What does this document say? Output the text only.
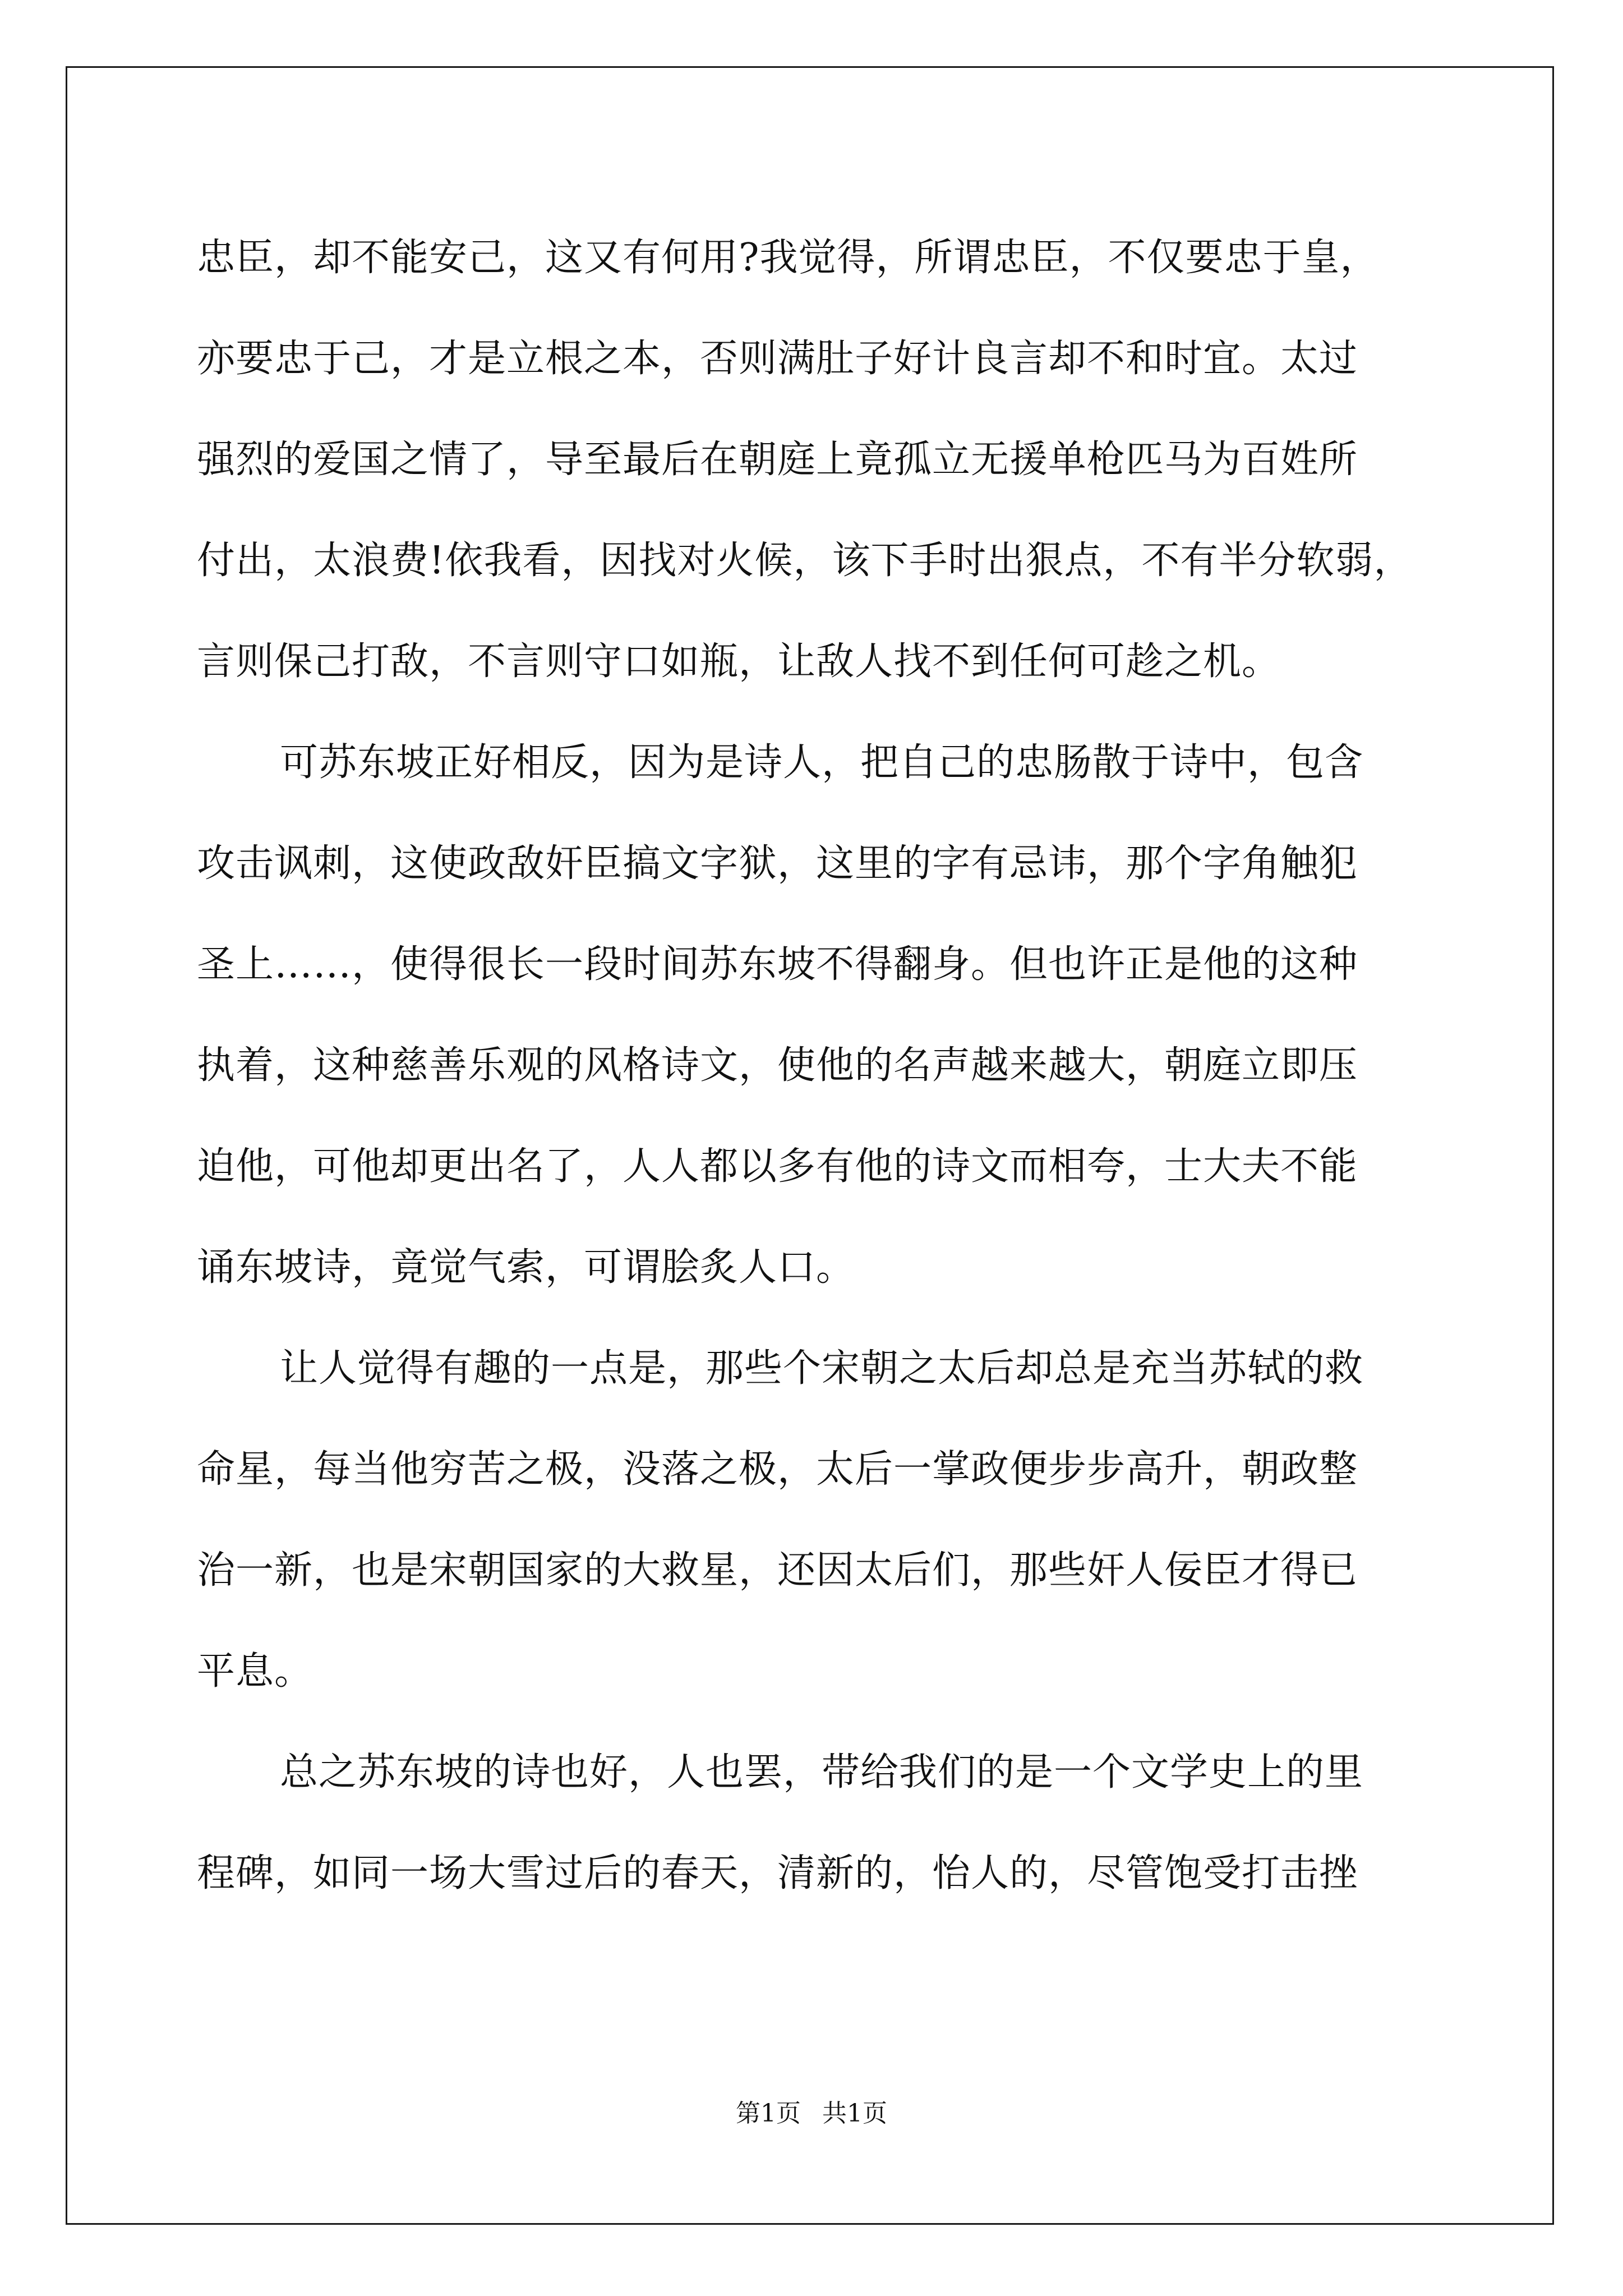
忠臣，却不能安己，这又有何用?我觉得，所谓忠臣，不仅要忠于皇，
亦要忠于己，才是立根之本，否则满肚子好计良言却不和时宜。太过
强烈的爱国之情了，导至最后在朝庭上竟孤立无援单枪匹马为百姓所
付出，太浪费!依我看，因找对火候，该下手时出狠点，不有半分软弱，
言则保己打敌，不言则守口如瓶，让敌人找不到任何可趁之机。
可苏东坡正好相反，因为是诗人，把自己的忠肠散于诗中，包含
攻击讽刺，这使政敌奸臣搞文字狱，这里的字有忌讳，那个字角触犯
圣上……，使得很长一段时间苏东坡不得翻身。但也许正是他的这种
执着，这种慈善乐观的风格诗文，使他的名声越来越大，朝庭立即压
迫他，可他却更出名了，人人都以多有他的诗文而相夸，士大夫不能
诵东坡诗，竟觉气索，可谓脍炙人口。
让人觉得有趣的一点是，那些个宋朝之太后却总是充当苏轼的救
命星，每当他穷苦之极，没落之极，太后一掌政便步步高升，朝政整
治一新，也是宋朝国家的大救星，还因太后们，那些奸人佞臣才得已
平息。
总之苏东坡的诗也好，人也罢，带给我们的是一个文学史上的里
程碑，如同一场大雪过后的春天，清新的，怡人的，尽管饱受打击挫
第1页 共1页
